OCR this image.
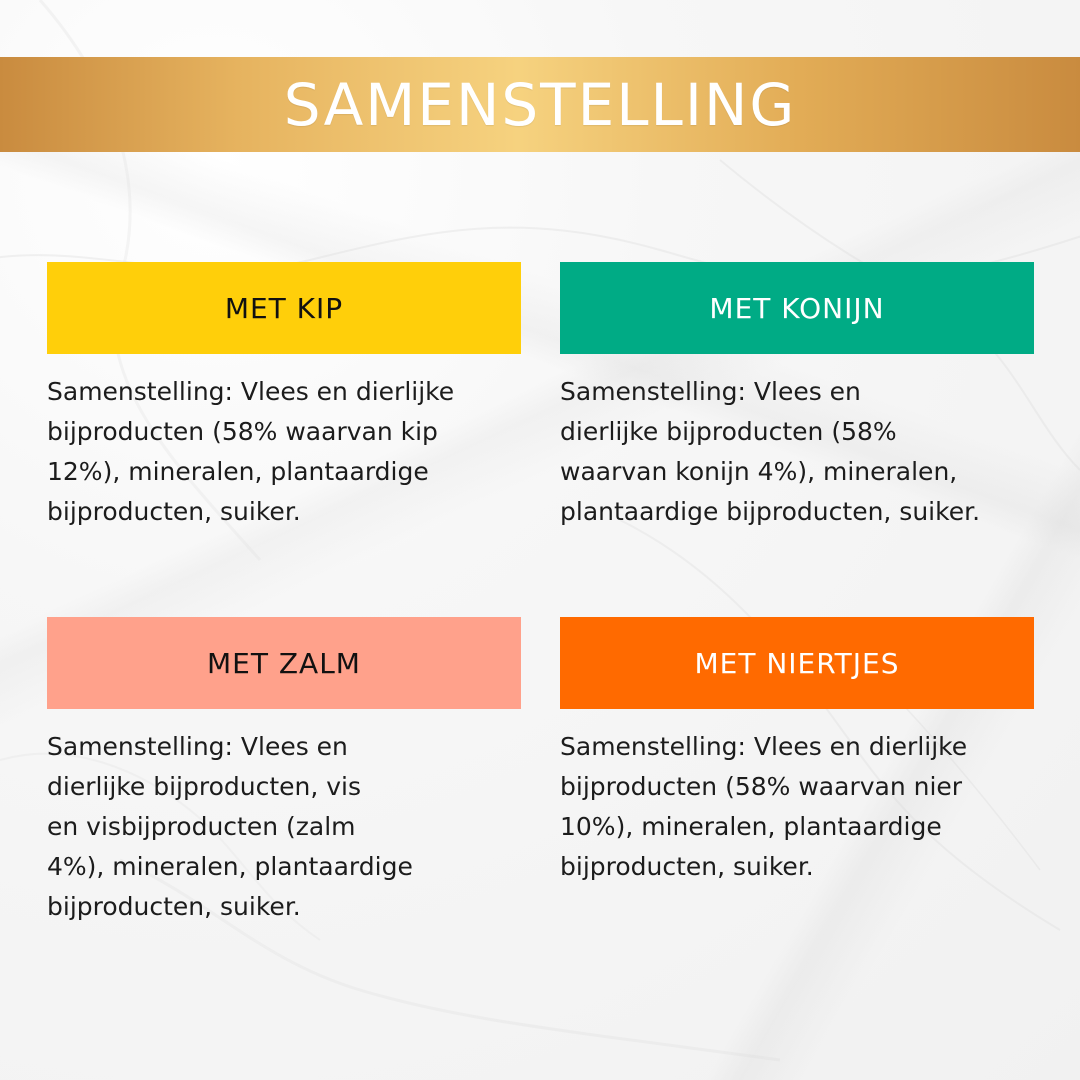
SAMENSTELLING
MET KIP
Samenstelling: Vlees en dierlijke
bijproducten (58% waarvan kip
12%), mineralen, plantaardige
bijproducten, suiker.
MET KONIJN
Samenstelling: Vlees en
dierlijke bijproducten (58%
waarvan konijn 4%), mineralen,
plantaardige bijproducten, suiker.
MET ZALM
Samenstelling: Vlees en
dierlijke bijproducten, vis
en visbijproducten (zalm
4%), mineralen, plantaardige
bijproducten, suiker.
MET NIERTJES
Samenstelling: Vlees en dierlijke
bijproducten (58% waarvan nier
10%), mineralen, plantaardige
bijproducten, suiker.
